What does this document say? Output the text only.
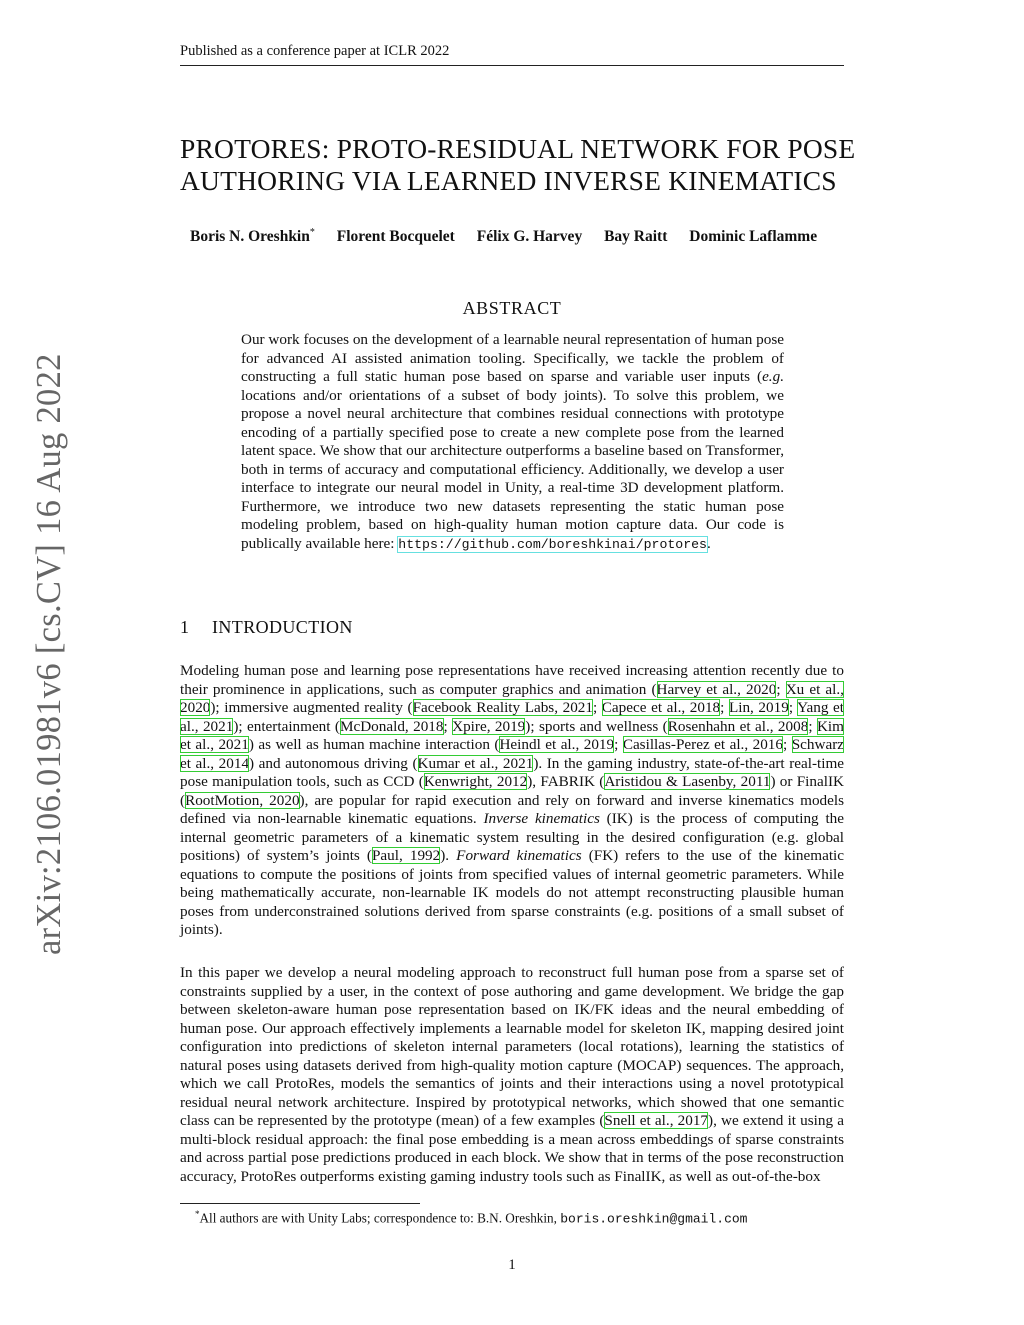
Published as a conference paper at ICLR 2022
PROTORES: PROTO-RESIDUAL NETWORK FOR POSE
AUTHORING VIA LEARNED INVERSE KINEMATICS
Boris N. Oreshkin* Florent Bocquelet Félix G. Harvey Bay Raitt Dominic Laflamme
ABSTRACT
Our work focuses on the development of a learnable neural representation of human pose for advanced AI assisted animation tooling. Specifically, we tackle the problem of constructing a full static human pose based on sparse and variable user inputs (e.g. locations and/or orientations of a subset of body joints). To solve this problem, we propose a novel neural architecture that combines residual connections with prototype encoding of a partially specified pose to create a new complete pose from the learned latent space. We show that our architecture outperforms a baseline based on Transformer, both in terms of accuracy and computational efficiency. Additionally, we develop a user interface to integrate our neural model in Unity, a real-time 3D development platform. Furthermore, we introduce two new datasets representing the static human pose modeling problem, based on high-quality human motion capture data. Our code is publically available here: https://github.com/boreshkinai/protores.
1 INTRODUCTION
Modeling human pose and learning pose representations have received increasing attention recently due to their prominence in applications, such as computer graphics and animation (Harvey et al., 2020; Xu et al., 2020); immersive augmented reality (Facebook Reality Labs, 2021; Capece et al., 2018; Lin, 2019; Yang et al., 2021); entertainment (McDonald, 2018; Xpire, 2019); sports and wellness (Rosenhahn et al., 2008; Kim et al., 2021) as well as human machine interaction (Heindl et al., 2019; Casillas-Perez et al., 2016; Schwarz et al., 2014) and autonomous driving (Kumar et al., 2021). In the gaming industry, state-of-the-art real-time pose manipulation tools, such as CCD (Kenwright, 2012), FABRIK (Aristidou & Lasenby, 2011) or FinalIK (RootMotion, 2020), are popular for rapid execution and rely on forward and inverse kinematics models defined via non-learnable kinematic equations. Inverse kinematics (IK) is the process of computing the internal geometric parameters of a kinematic system resulting in the desired configuration (e.g. global positions) of system’s joints (Paul, 1992). Forward kinematics (FK) refers to the use of the kinematic equations to compute the positions of joints from specified values of internal geometric parameters. While being mathematically accurate, non-learnable IK models do not attempt reconstructing plausible human poses from underconstrained solutions derived from sparse constraints (e.g. positions of a small subset of joints).
In this paper we develop a neural modeling approach to reconstruct full human pose from a sparse set of constraints supplied by a user, in the context of pose authoring and game development. We bridge the gap between skeleton-aware human pose representation based on IK/FK ideas and the neural embedding of human pose. Our approach effectively implements a learnable model for skeleton IK, mapping desired joint configuration into predictions of skeleton internal parameters (local rotations), learning the statistics of natural poses using datasets derived from high-quality motion capture (MOCAP) sequences. The approach, which we call ProtoRes, models the semantics of joints and their interactions using a novel prototypical residual neural network architecture. Inspired by prototypical networks, which showed that one semantic class can be represented by the prototype (mean) of a few examples (Snell et al., 2017), we extend it using a multi-block residual approach: the final pose embedding is a mean across embeddings of sparse constraints and across partial pose predictions produced in each block. We show that in terms of the pose reconstruction accuracy, ProtoRes outperforms existing gaming industry tools such as FinalIK, as well as out-of-the-box
*All authors are with Unity Labs; correspondence to: B.N. Oreshkin, boris.oreshkin@gmail.com
1
arXiv:2106.01981v6 [cs.CV] 16 Aug 2022
